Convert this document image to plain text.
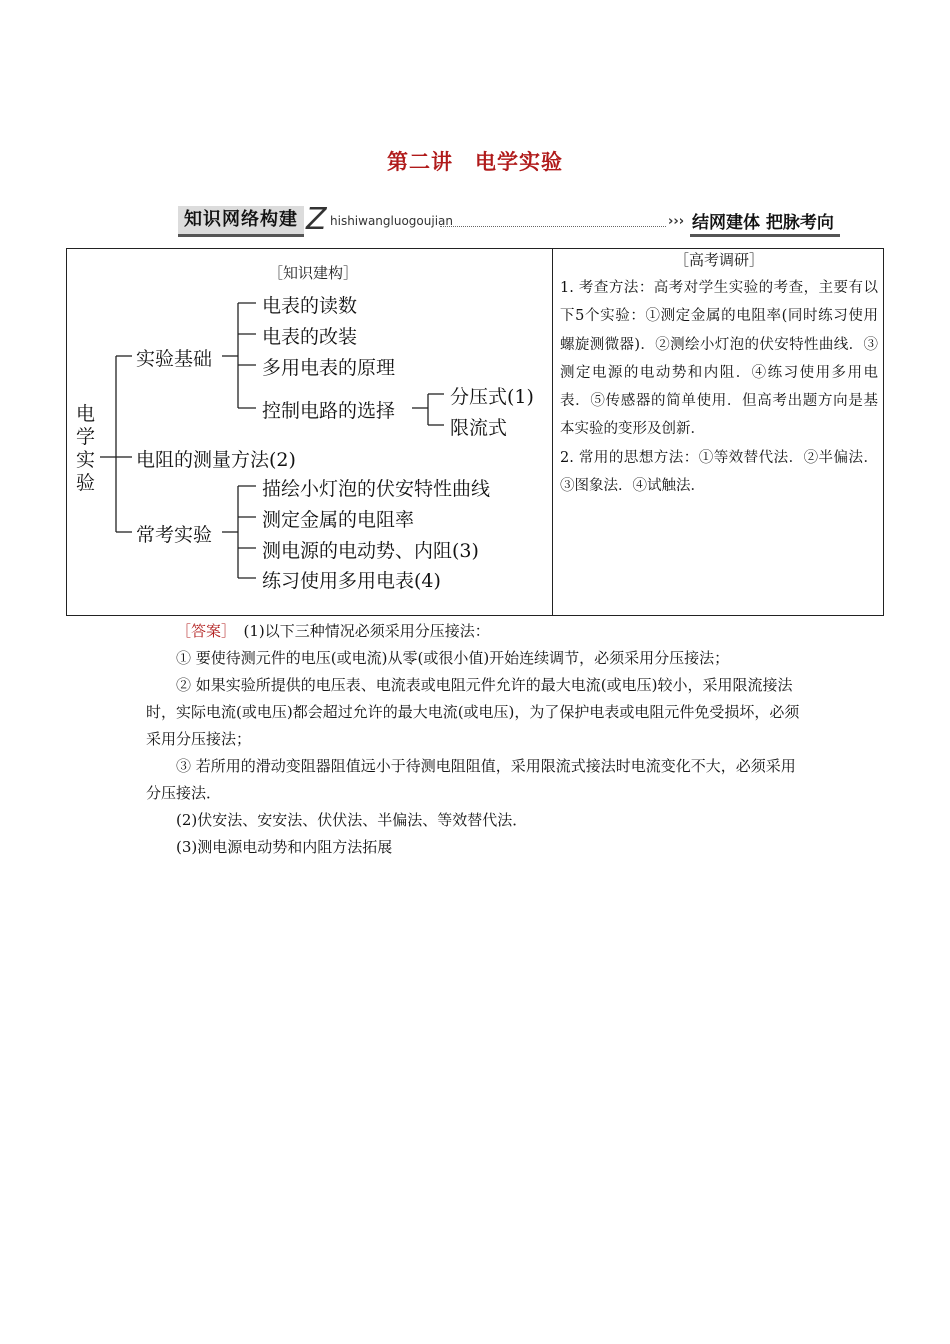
第二讲　电学实验
知识网络构建 Z hishiwangluogoujian	››› 结网建体 把脉考向
［知识建构］
电学实验
实验基础
电表的读数
电表的改装
多用电表的原理
控制电路的选择
分压式(1)
限流式
电阻的测量方法(2)
常考实验
描绘小灯泡的伏安特性曲线
测定金属的电阻率
测电源的电动势、内阻(3)
练习使用多用电表(4)
［高考调研］

1. 考查方法：高考对学生实验的考查，主要有以下5个实验：①测定金属的电阻率(同时练习使用螺旋测微器)．②测绘小灯泡的伏安特性曲线．③测定电源的电动势和内阻．④练习使用多用电表．⑤传感器的简单使用．但高考出题方向是基本实验的变形及创新．

2. 常用的思想方法：①等效替代法．②半偏法．③图象法．④试触法．

［答案］　(1)以下三种情况必须采用分压接法：

① 要使待测元件的电压(或电流)从零(或很小值)开始连续调节，必须采用分压接法；

② 如果实验所提供的电压表、电流表或电阻元件允许的最大电流(或电压)较小，采用限流接法时，实际电流(或电压)都会超过允许的最大电流(或电压)，为了保护电表或电阻元件免受损坏，必须采用分压接法；

③ 若所用的滑动变阻器阻值远小于待测电阻阻值，采用限流式接法时电流变化不大，必须采用分压接法．

(2)伏安法、安安法、伏伏法、半偏法、等效替代法．

(3)测电源电动势和内阻方法拓展
